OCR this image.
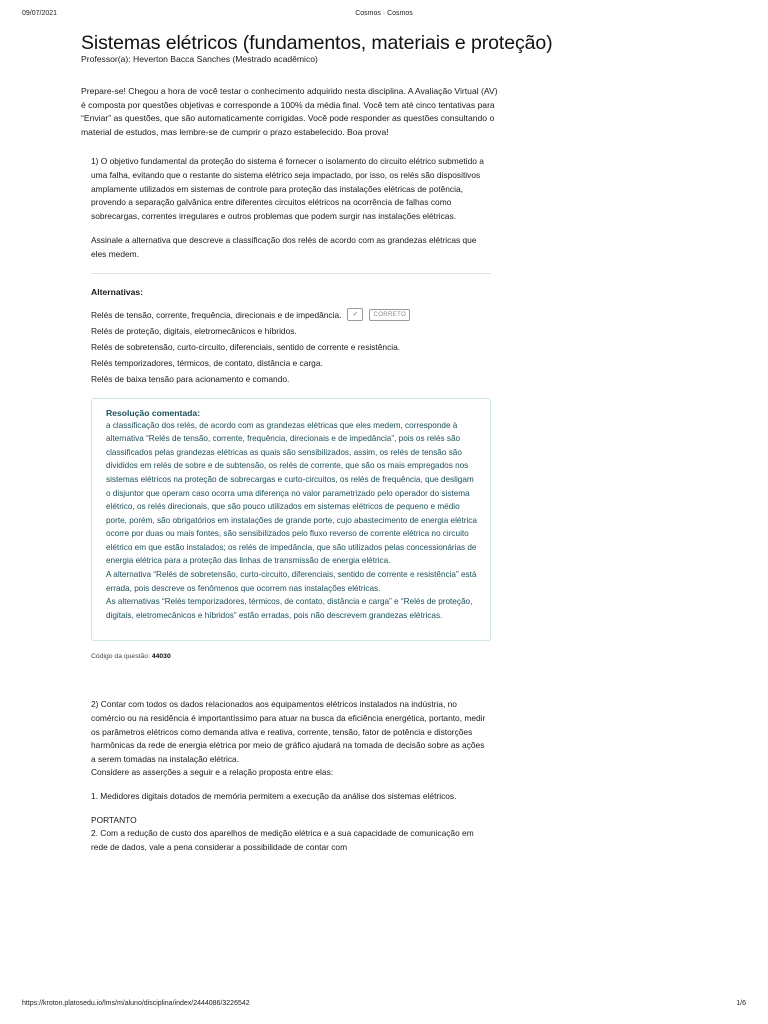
09/07/2021	Cosmos · Cosmos
Sistemas elétricos (fundamentos, materiais e proteção)
Professor(a): Heverton Bacca Sanches (Mestrado acadêmico)
Prepare-se! Chegou a hora de você testar o conhecimento adquirido nesta disciplina. A Avaliação Virtual (AV) é composta por questões objetivas e corresponde a 100% da média final. Você tem até cinco tentativas para “Enviar” as questões, que são automaticamente corrigidas. Você pode responder as questões consultando o material de estudos, mas lembre-se de cumprir o prazo estabelecido. Boa prova!

1) O objetivo fundamental da proteção do sistema é fornecer o isolamento do circuito elétrico submetido a uma falha, evitando que o restante do sistema elétrico seja impactado, por isso, os relés são dispositivos amplamente utilizados em sistemas de controle para proteção das instalações elétricas de potência, provendo a separação galvânica entre diferentes circuitos elétricos na ocorrência de falhas como sobrecargas, correntes irregulares e outros problemas que podem surgir nas instalações elétricas.

Assinale a alternativa que descreve a classificação dos relés de acordo com as grandezas elétricas que eles medem.

Alternativas:
Relés de tensão, corrente, frequência, direcionais e de impedância.	✓	CORRETO
Relés de proteção, digitais, eletromecânicos e híbridos.
Relés de sobretensão, curto-circuito, diferenciais, sentido de corrente e resistência.
Relés temporizadores, térmicos, de contato, distância e carga.
Relés de baixa tensão para acionamento e comando.
Resolução comentada:

a classificação dos relés, de acordo com as grandezas elétricas que eles medem, corresponde à alternativa “Relés de tensão, corrente, frequência, direcionais e de impedância”, pois os relés são classificados pelas grandezas elétricas as quais são sensibilizados, assim, os relés de tensão são divididos em relés de sobre e de subtensão, os relés de corrente, que são os mais empregados nos sistemas elétricos na proteção de sobrecargas e curto-circuitos, os relés de frequência, que desligam o disjuntor que operam caso ocorra uma diferença no valor parametrizado pelo operador do sistema elétrico, os relés direcionais, que são pouco utilizados em sistemas elétricos de pequeno e médio porte, porém, são obrigatórios em instalações de grande porte, cujo abastecimento de energia elétrica ocorre por duas ou mais fontes, são sensibilizados pelo fluxo reverso de corrente elétrica no circuito elétrico em que estão instalados; os relés de impedância, que são utilizados pelas concessionárias de energia elétrica para a proteção das linhas de transmissão de energia elétrica.

A alternativa “Relés de sobretensão, curto-circuito, diferenciais, sentido de corrente e resistência” está errada, pois descreve os fenômenos que ocorrem nas instalações elétricas.

As alternativas “Relés temporizadores, térmicos, de contato, distância e carga” e “Relés de proteção, digitais, eletromecânicos e híbridos” estão erradas, pois não descrevem grandezas elétricas.

Código da questão: 44030

2) Contar com todos os dados relacionados aos equipamentos elétricos instalados na indústria, no comércio ou na residência é importantíssimo para atuar na busca da eficiência energética, portanto, medir os parâmetros elétricos como demanda ativa e reativa, corrente, tensão, fator de potência e distorções harmônicas da rede de energia elétrica por meio de gráfico ajudará na tomada de decisão sobre as ações a serem tomadas na instalação elétrica.

Considere as asserções a seguir e a relação proposta entre elas:

1. Medidores digitais dotados de memória permitem a execução da análise dos sistemas elétricos.

PORTANTO

2. Com a redução de custo dos aparelhos de medição elétrica e a sua capacidade de comunicação em rede de dados, vale a pena considerar a possibilidade de contar com

https://kroton.platosedu.io/lms/m/aluno/disciplina/index/2444086/3226542	1/6
